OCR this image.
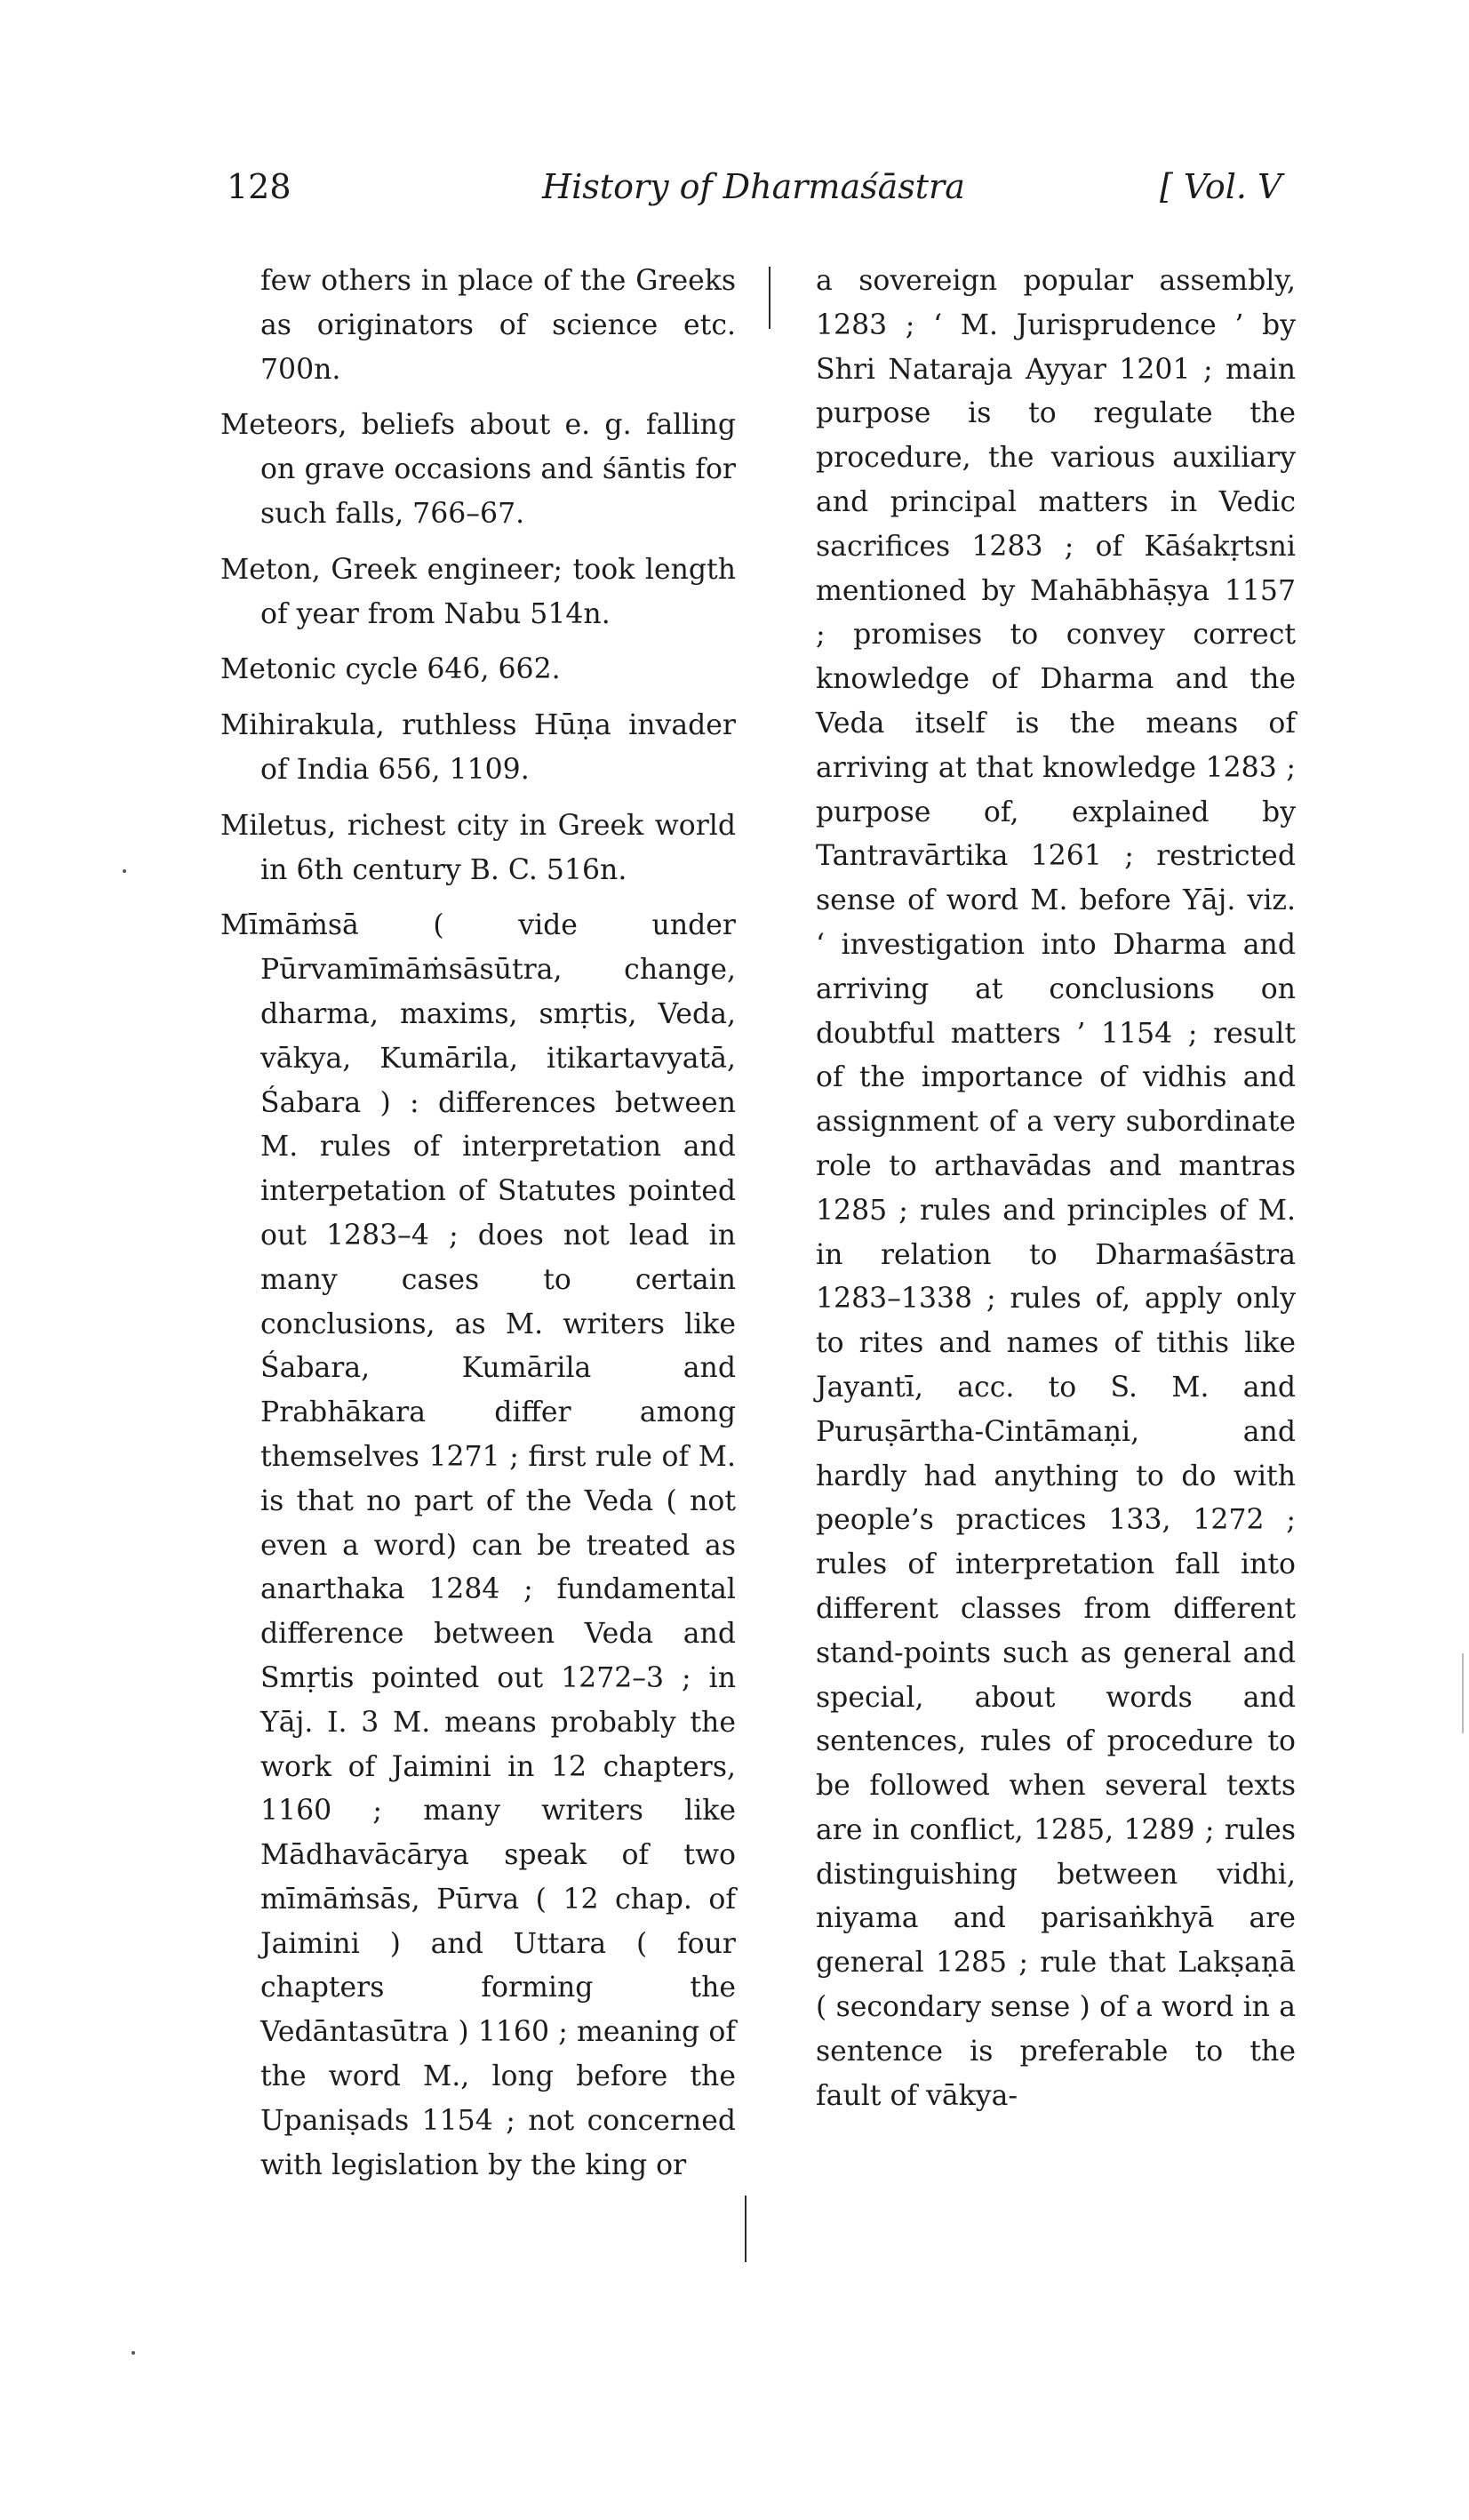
128	History of Dharmaśāstra	[ Vol. V

few others in place of the Greeks as originators of science etc. 700n.

Meteors, beliefs about e. g. falling on grave occasions and śāntis for such falls, 766–67.

Meton, Greek engineer; took length of year from Nabu 514n.

Metonic cycle 646, 662.

Mihirakula, ruthless Hūṇa invader of India 656, 1109.

Miletus, richest city in Greek world in 6th century B. C. 516n.

Mīmāṁsā ( vide under Pūrvamīmāṁsāsūtra, change, dharma, maxims, smṛtis, Veda, vākya, Kumārila, itikartavyatā, Śabara ) : differences between M. rules of interpretation and interpetation of Statutes pointed out 1283–4 ; does not lead in many cases to certain conclusions, as M. writers like Śabara, Kumārila and Prabhākara differ among themselves 1271 ; first rule of M. is that no part of the Veda ( not even a word) can be treated as anarthaka 1284 ; fundamental difference between Veda and Smṛtis pointed out 1272–3 ; in Yāj. I. 3 M. means probably the work of Jaimini in 12 chapters, 1160 ; many writers like Mādhavācārya speak of two mīmāṁsās, Pūrva ( 12 chap. of Jaimini ) and Uttara ( four chapters forming the Vedāntasūtra ) 1160 ; meaning of the word M., long before the Upaniṣads 1154 ; not concerned with legislation by the king or

a sovereign popular assembly, 1283 ; ‘ M. Jurisprudence ’ by Shri Nataraja Ayyar 1201 ; main purpose is to regulate the procedure, the various auxiliary and principal matters in Vedic sacrifices 1283 ; of Kāśakṛtsni mentioned by Mahābhāṣya 1157 ; promises to convey correct knowledge of Dharma and the Veda itself is the means of arriving at that knowledge 1283 ; purpose of, explained by Tantravārtika 1261 ; restricted sense of word M. before Yāj. viz. ‘ investigation into Dharma and arriving at conclusions on doubtful matters ’ 1154 ; result of the importance of vidhis and assignment of a very subordinate role to arthavādas and mantras 1285 ; rules and principles of M. in relation to Dharmaśāstra 1283–1338 ; rules of, apply only to rites and names of tithis like Jayantī, acc. to S. M. and Puruṣārtha-Cintāmaṇi, and hardly had anything to do with people’s practices 133, 1272 ; rules of interpretation fall into different classes from different stand-points such as general and special, about words and sentences, rules of procedure to be followed when several texts are in conflict, 1285, 1289 ; rules distinguishing between vidhi, niyama and parisaṅkhyā are general 1285 ; rule that Lakṣaṇā ( secondary sense ) of a word in a sentence is preferable to the fault of vākya-
